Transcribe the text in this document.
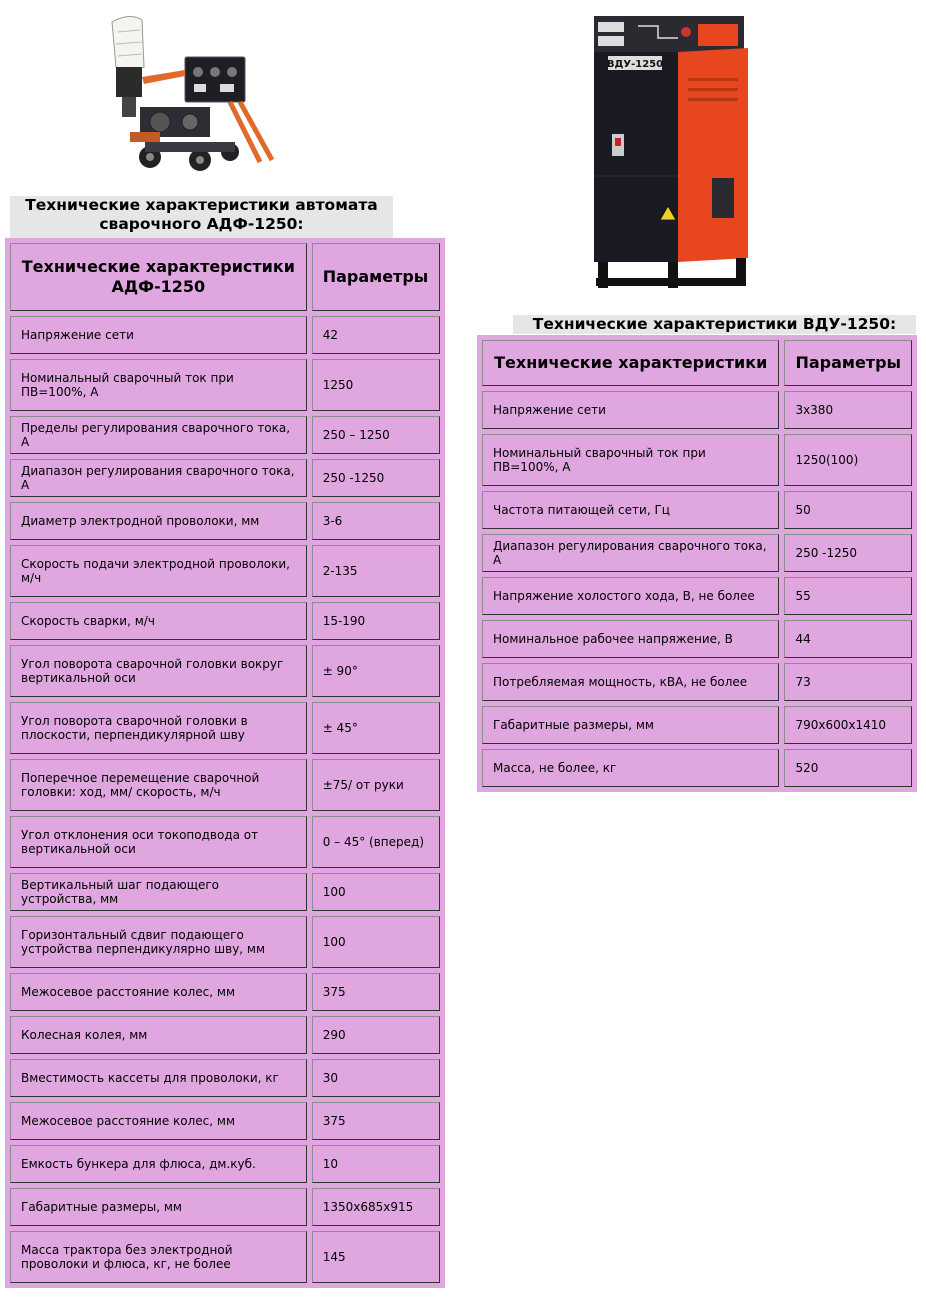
Технические характеристики автомата сварочного АДФ-1250:
Технические характеристики АДФ-1250	Параметры
Напряжение сети	42
Номинальный сварочный ток при ПВ=100%, А	1250
Пределы регулирования сварочного тока, А	250 – 1250
Диапазон регулирования сварочного тока, А	250 -1250
Диаметр электродной проволоки, мм	3-6
Скорость подачи электродной проволоки, м/ч	2-135
Скорость сварки, м/ч	15-190
Угол поворота сварочной головки вокруг вертикальной оси	± 90°
Угол поворота сварочной головки в плоскости, перпендикулярной шву	± 45°
Поперечное перемещение сварочной головки: ход, мм/ скорость, м/ч	±75/ от руки
Угол отклонения оси токоподвода от вертикальной оси	0 – 45° (вперед)
Вертикальный шаг подающего устройства, мм	100
Горизонтальный сдвиг подающего устройства перпендикулярно шву, мм	100
Межосевое расстояние колес, мм	375
Колесная колея, мм	290
Вместимость кассеты для проволоки, кг	30
Межосевое расстояние колес, мм	375
Емкость бункера для флюса, дм.куб.	10
Габаритные размеры, мм	1350x685x915
Масса трактора без электродной проволоки и флюса, кг, не более	145
ВДУ-1250
Технические характеристики ВДУ-1250:
Технические характеристики	Параметры
Напряжение сети	3x380
Номинальный сварочный ток при ПВ=100%, А	1250(100)
Частота питающей сети, Гц	50
Диапазон регулирования сварочного тока, А	250 -1250
Напряжение холостого хода, В, не более	55
Номинальное рабочее напряжение, В	44
Потребляемая мощность, кВА, не более	73
Габаритные размеры, мм	790x600x1410
Масса, не более, кг	520
